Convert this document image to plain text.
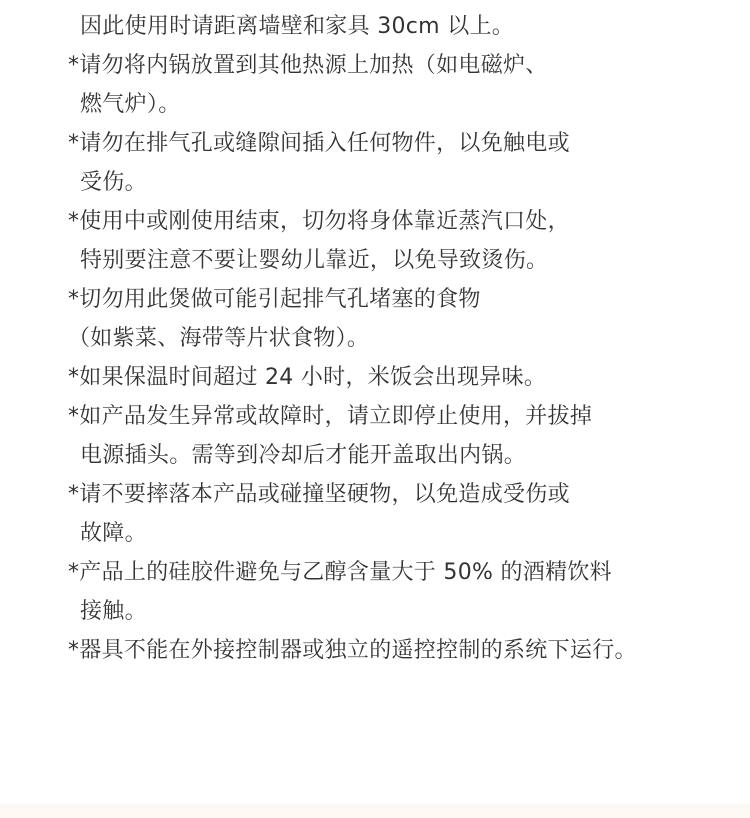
因此使用时请距离墙壁和家具 30cm 以上。
*请勿将内锅放置到其他热源上加热（如电磁炉、
燃气炉）。
*请勿在排气孔或缝隙间插入任何物件，以免触电或
受伤。
*使用中或刚使用结束，切勿将身体靠近蒸汽口处，
特别要注意不要让婴幼儿靠近，以免导致烫伤。
*切勿用此煲做可能引起排气孔堵塞的食物
（如紫菜、海带等片状食物）。
*如果保温时间超过 24 小时，米饭会出现异味。
*如产品发生异常或故障时，请立即停止使用，并拔掉
电源插头。需等到冷却后才能开盖取出内锅。
*请不要摔落本产品或碰撞坚硬物，以免造成受伤或
故障。
*产品上的硅胶件避免与乙醇含量大于 50% 的酒精饮料
接触。
*器具不能在外接控制器或独立的遥控控制的系统下运行。
